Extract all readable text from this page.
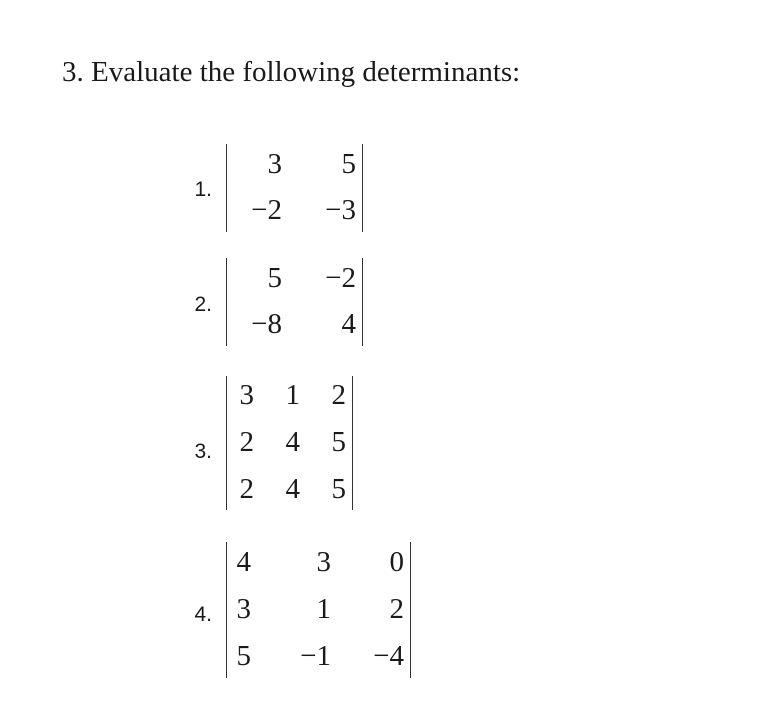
3. Evaluate the following determinants:
1.
3 5
−2 −3
2.
5 −2
−8 4
3.
3 1 2
2 4 5
2 4 5
4.
4 3 0
3 1 2
5 −1 −4
